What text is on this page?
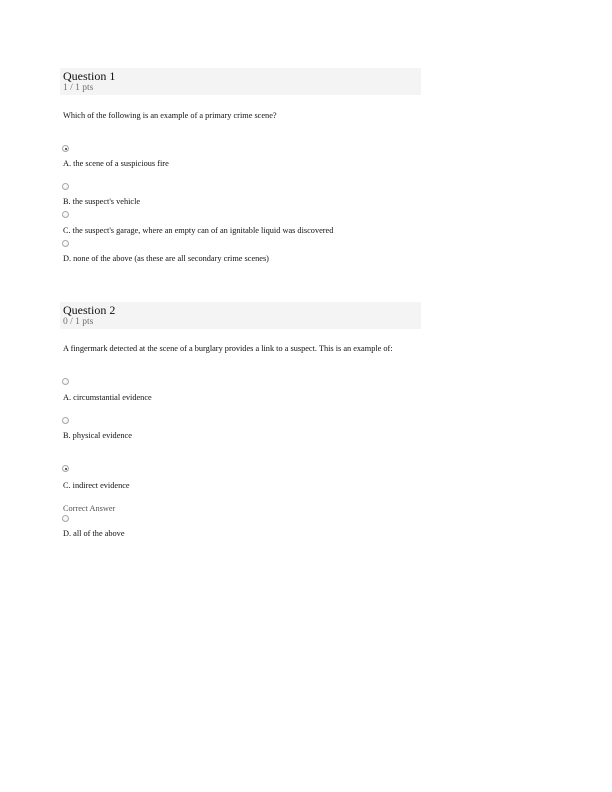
Question 1
1 / 1 pts
Which of the following is an example of a primary crime scene?
A. the scene of a suspicious fire
B. the suspect's vehicle
C. the suspect's garage, where an empty can of an ignitable liquid was discovered
D. none of the above (as these are all secondary crime scenes)
Question 2
0 / 1 pts
A fingermark detected at the scene of a burglary provides a link to a suspect. This is an example of:
A. circumstantial evidence
B. physical evidence
C. indirect evidence
Correct Answer
D. all of the above
